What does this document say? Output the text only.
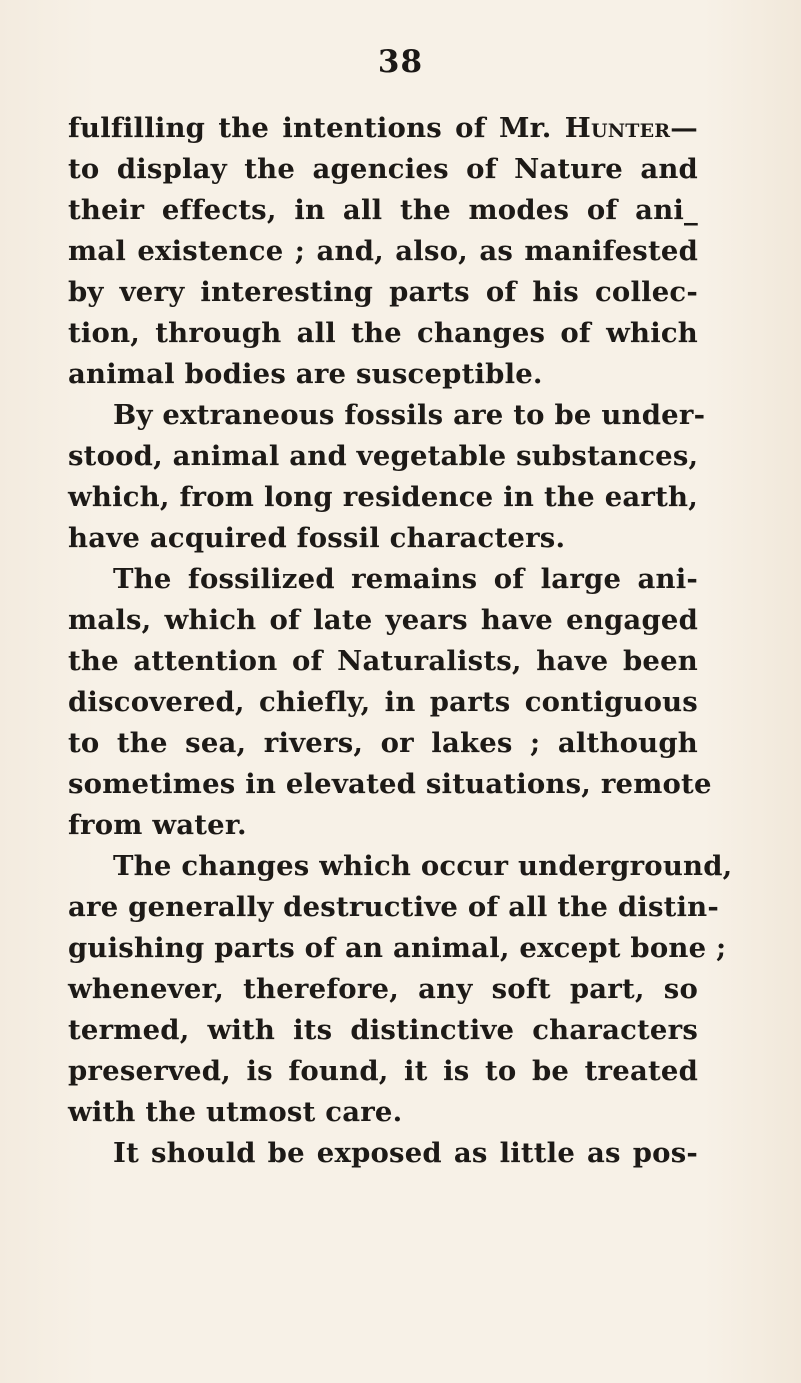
38
fulfilling the intentions of Mr. Hunter—
to display the agencies of Nature and
their effects, in all the modes of ani_
mal existence ; and, also, as manifested
by very interesting parts of his collec-
tion, through all the changes of which
animal bodies are susceptible.
By extraneous fossils are to be under-
stood, animal and vegetable substances,
which, from long residence in the earth,
have acquired fossil characters.
The fossilized remains of large ani-
mals, which of late years have engaged
the attention of Naturalists, have been
discovered, chiefly, in parts contiguous
to the sea, rivers, or lakes ; although
sometimes in elevated situations, remote
from water.
The changes which occur underground,
are generally destructive of all the distin-
guishing parts of an animal, except bone ;
whenever, therefore, any soft part, so
termed, with its distinctive characters
preserved, is found, it is to be treated
with the utmost care.
It should be exposed as little as pos-
